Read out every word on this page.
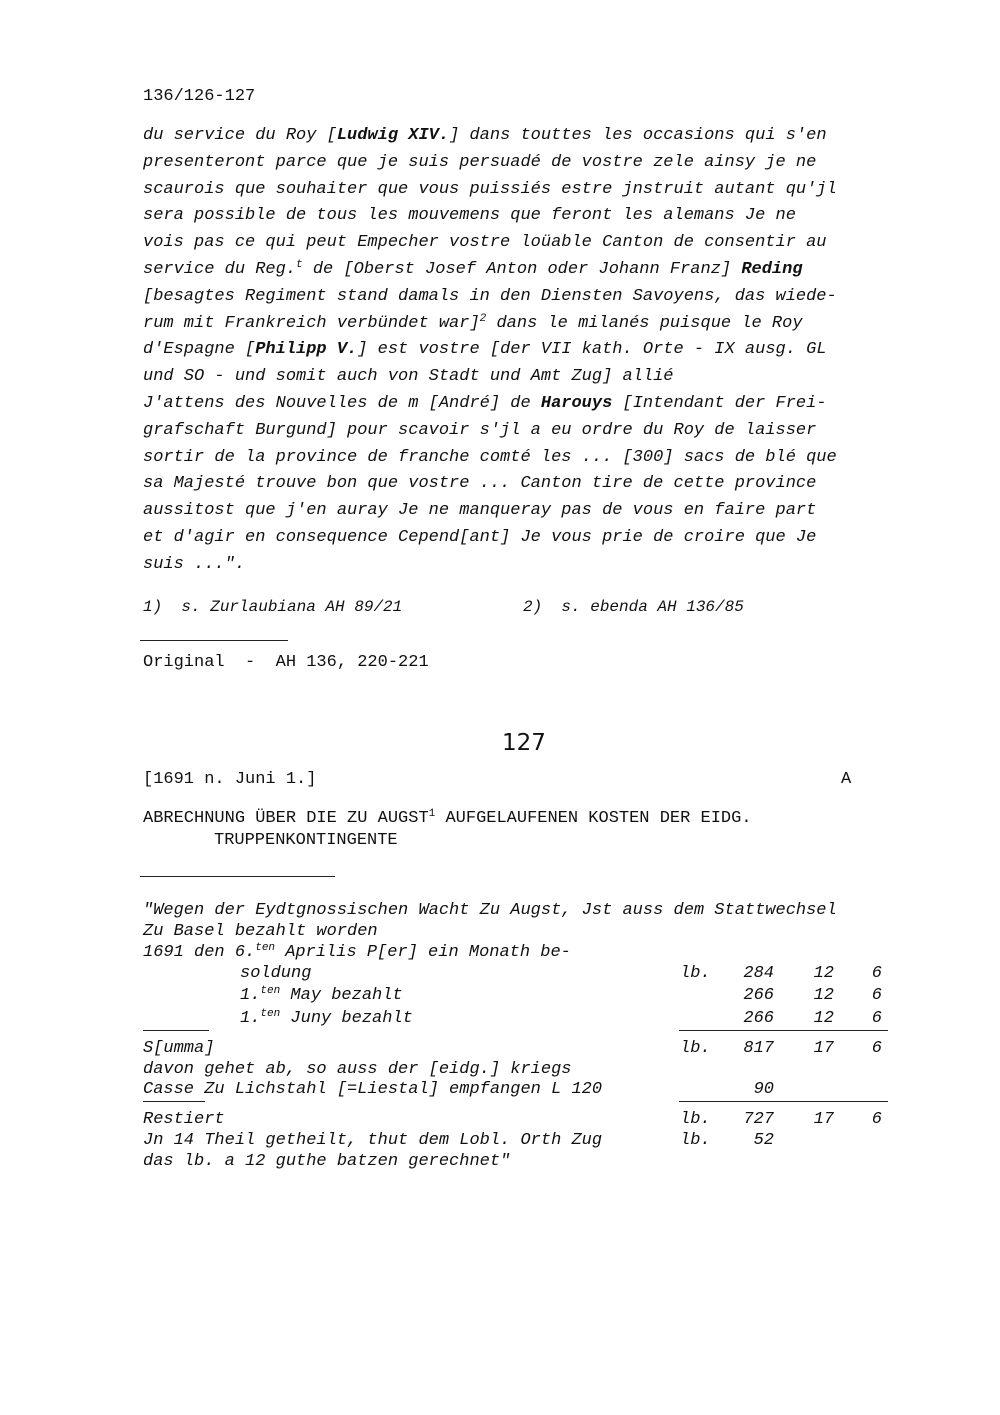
136/126-127
du service du Roy [Ludwig XIV.] dans touttes les occasions qui s'en
presenteront parce que je suis persuadé de vostre zele ainsy je ne
scaurois que souhaiter que vous puissiés estre jnstruit autant qu'jl
sera possible de tous les mouvemens que feront les alemans Je ne
vois pas ce qui peut Empecher vostre loüable Canton de consentir au
service du Reg.$^t$ de [Oberst Josef Anton oder Johann Franz] Reding
[besagtes Regiment stand damals in den Diensten Savoyens, das wiede-
rum mit Frankreich verbündet war]$^2$ dans le milanés puisque le Roy
d'Espagne [Philipp V.] est vostre [der VII kath. Orte - IX ausg. GL
und SO - und somit auch von Stadt und Amt Zug] allié
J'attens des Nouvelles de m [André] de Harouys [Intendant der Frei-
grafschaft Burgund] pour scavoir s'jl a eu ordre du Roy de laisser
sortir de la province de franche comté les ... [300] sacs de blé que
sa Majesté trouve bon que vostre ... Canton tire de cette province
aussitost que j'en auray Je ne manqueray pas de vous en faire part
et d'agir en consequence Cepend[ant] Je vous prie de croire que Je
suis ...".
1)  s. Zurlaubiana AH 89/21	2)  s. ebenda AH 136/85
Original  -  AH 136, 220-221
127
[1691 n. Juni 1.]	A
ABRECHNUNG ÜBER DIE ZU AUGST$^1$ AUFGELAUFENEN KOSTEN DER EIDG.
TRUPPENKONTINGENTE
"Wegen der Eydtgnossischen Wacht Zu Augst, Jst auss dem Stattwechsel
Zu Basel bezahlt worden
1691 den 6.$^{ten}$ Aprilis P[er] ein Monath be-
soldung	lb.	284	12	6
1.$^{ten}$ May bezahlt	266	12	6
1.$^{ten}$ Juny bezahlt	266	12	6
S[umma]	lb.	817	17	6
davon gehet ab, so auss der [eidg.] kriegs
Casse Zu Lichstahl [=Liestal] empfangen L 120	90
Restiert	lb.	727	17	6
Jn 14 Theil getheilt, thut dem Lobl. Orth Zug	lb.	52
das lb. a 12 guthe batzen gerechnet"
